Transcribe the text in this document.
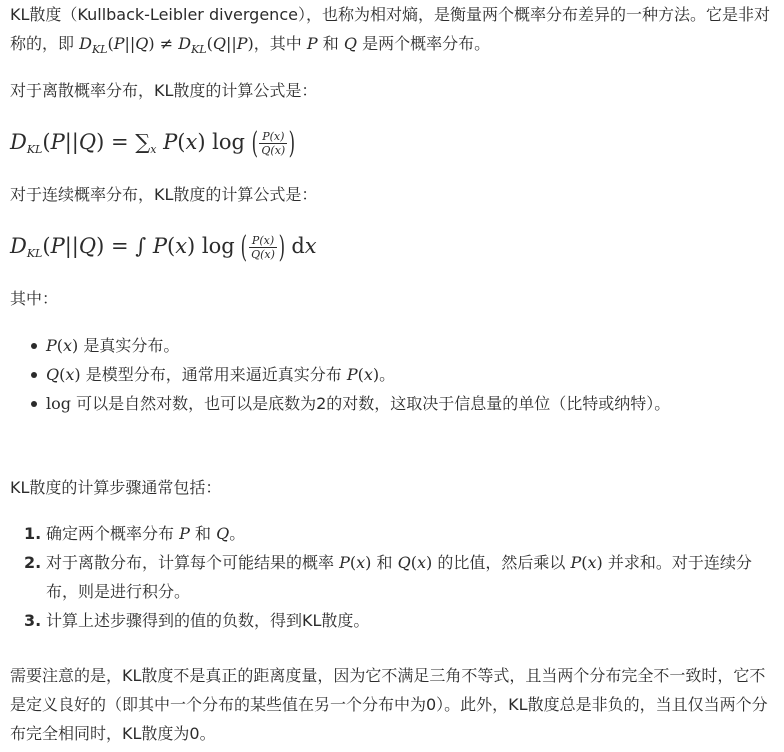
KL散度（Kullback-Leibler divergence），也称为相对熵，是衡量两个概率分布差异的一种方法。它是非对称的，即 $D_{KL}(P||Q) \ne D_{KL}(Q||P)$，其中 P 和 Q 是两个概率分布。

对于离散概率分布，KL散度的计算公式是：

$D_{KL}(P||Q) = \sum_x$ P(x) log ( $\frac{P(x)}{Q(x)}$ )

对于连续概率分布，KL散度的计算公式是：

$D_{KL}(P||Q)$ = ∫ P(x) log ( $\frac{P(x)}{Q(x)}$ ) dx

其中：

P(x) 是真实分布。
Q(x) 是模型分布，通常用来逼近真实分布 P(x)。
log 可以是自然对数，也可以是底数为2的对数，这取决于信息量的单位（比特或纳特）。

KL散度的计算步骤通常包括：

1. 确定两个概率分布 P 和 Q。
2. 对于离散分布，计算每个可能结果的概率 P(x) 和 Q(x) 的比值，然后乘以 P(x) 并求和。对于连续分布，则是进行积分。
3. 计算上述步骤得到的值的负数，得到KL散度。

需要注意的是，KL散度不是真正的距离度量，因为它不满足三角不等式，且当两个分布完全不一致时，它不是定义良好的（即其中一个分布的某些值在另一个分布中为0）。此外，KL散度总是非负的，当且仅当两个分布完全相同时，KL散度为0。
